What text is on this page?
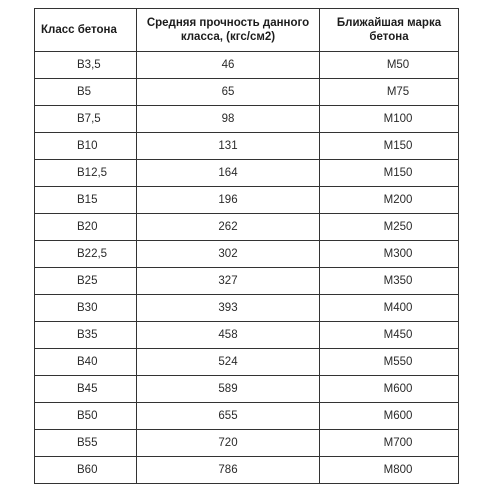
Класс бетона	Средняя прочность данного класса, (кгс/см2)	Ближайшая марка бетона
В3,5	46	М50
В5	65	М75
В7,5	98	М100
В10	131	М150
В12,5	164	М150
В15	196	М200
В20	262	М250
В22,5	302	М300
В25	327	М350
В30	393	М400
В35	458	М450
В40	524	М550
В45	589	М600
В50	655	М600
В55	720	М700
В60	786	М800
